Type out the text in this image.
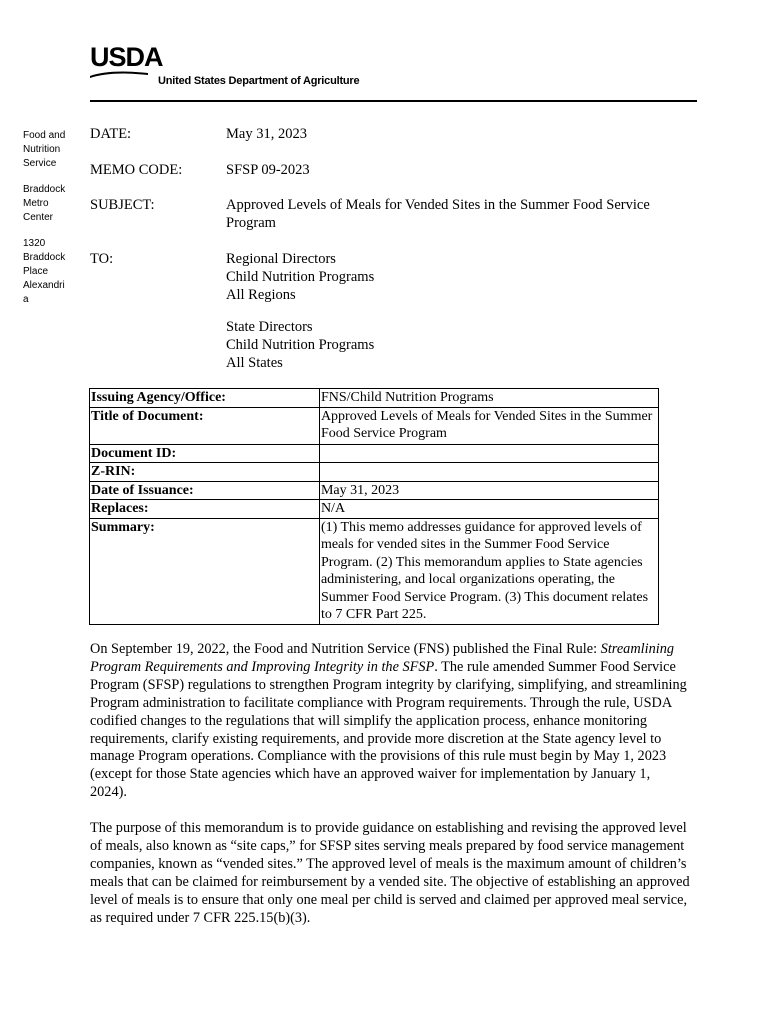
USDA
United States Department of Agriculture
Food and
Nutrition
Service
Braddock
Metro
Center
1320
Braddock
Place
Alexandri
a
DATE:	May 31, 2023
MEMO CODE:	SFSP 09-2023
SUBJECT:	Approved Levels of Meals for Vended Sites in the Summer Food Service Program
TO:	Regional Directors
Child Nutrition Programs
All Regions
State Directors
Child Nutrition Programs
All States
Issuing Agency/Office:	FNS/Child Nutrition Programs
Title of Document:	Approved Levels of Meals for Vended Sites in the Summer Food Service Program
Document ID:	
Z-RIN:	
Date of Issuance:	May 31, 2023
Replaces:	N/A
Summary:	(1) This memo addresses guidance for approved levels of meals for vended sites in the Summer Food Service Program. (2) This memorandum applies to State agencies administering, and local organizations operating, the Summer Food Service Program. (3) This document relates to 7 CFR Part 225.
On September 19, 2022, the Food and Nutrition Service (FNS) published the Final Rule: Streamlining Program Requirements and Improving Integrity in the SFSP. The rule amended Summer Food Service Program (SFSP) regulations to strengthen Program integrity by clarifying, simplifying, and streamlining Program administration to facilitate compliance with Program requirements. Through the rule, USDA codified changes to the regulations that will simplify the application process, enhance monitoring requirements, clarify existing requirements, and provide more discretion at the State agency level to manage Program operations. Compliance with the provisions of this rule must begin by May 1, 2023 (except for those State agencies which have an approved waiver for implementation by January 1, 2024).
The purpose of this memorandum is to provide guidance on establishing and revising the approved level of meals, also known as “site caps,” for SFSP sites serving meals prepared by food service management companies, known as “vended sites.” The approved level of meals is the maximum amount of children’s meals that can be claimed for reimbursement by a vended site. The objective of establishing an approved level of meals is to ensure that only one meal per child is served and claimed per approved meal service, as required under 7 CFR 225.15(b)(3).
